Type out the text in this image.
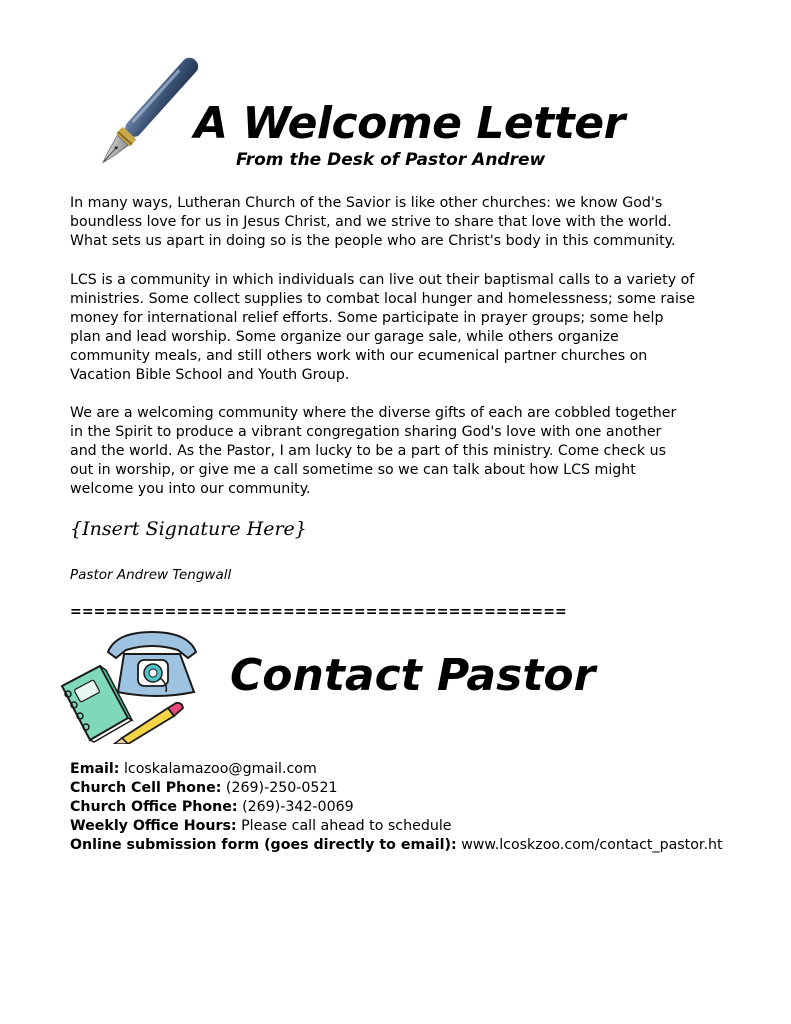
A Welcome Letter
From the Desk of Pastor Andrew
In many ways, Lutheran Church of the Savior is like other churches: we know God's
boundless love for us in Jesus Christ, and we strive to share that love with the world.
What sets us apart in doing so is the people who are Christ's body in this community.
LCS is a community in which individuals can live out their baptismal calls to a variety of
ministries. Some collect supplies to combat local hunger and homelessness; some raise
money for international relief efforts. Some participate in prayer groups; some help
plan and lead worship. Some organize our garage sale, while others organize
community meals, and still others work with our ecumenical partner churches on
Vacation Bible School and Youth Group.
We are a welcoming community where the diverse gifts of each are cobbled together
in the Spirit to produce a vibrant congregation sharing God's love with one another
and the world. As the Pastor, I am lucky to be a part of this ministry. Come check us
out in worship, or give me a call sometime so we can talk about how LCS might
welcome you into our community.
{Insert Signature Here}
Pastor Andrew Tengwall
==========================================
Contact Pastor
Email: lcoskalamazoo@gmail.com
Church Cell Phone: (269)-250-0521
Church Office Phone: (269)-342-0069
Weekly Office Hours: Please call ahead to schedule
Online submission form (goes directly to email): www.lcoskzoo.com/contact_pastor.ht
